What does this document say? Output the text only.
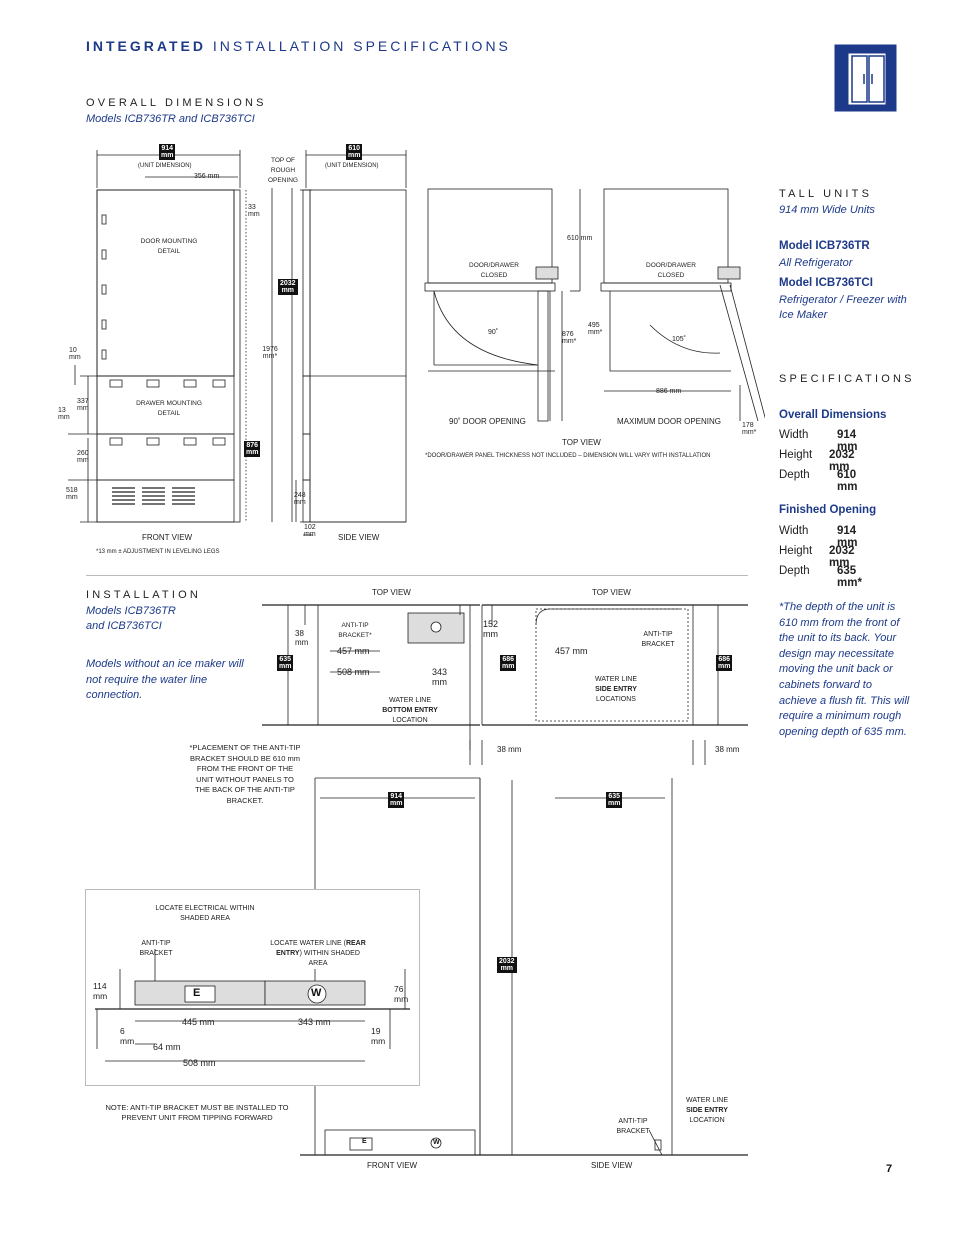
INTEGRATED INSTALLATION SPECIFICATIONS
OVERALL DIMENSIONS
Models ICB736TR and ICB736TCI
914
mm
610
mm
(UNIT DIMENSION)	(UNIT DIMENSION)
356 mm
TOP OF ROUGH OPENING
33 mm
DOOR MOUNTING DETAIL
2032
mm
10 mm
1976 mm*
337 mm
13 mm
DRAWER MOUNTING DETAIL
876
mm
260 mm
518 mm	248 mm
102 mm
FRONT VIEW	SIDE VIEW
*13 mm ± ADJUSTMENT IN LEVELING LEGS
DOOR/DRAWER CLOSED
DOOR/DRAWER CLOSED
610 mm
90˚	876 mm*
495 mm*
105˚
886 mm
178 mm*
90˚ DOOR OPENING	MAXIMUM DOOR OPENING
TOP VIEW
*DOOR/DRAWER PANEL THICKNESS NOT INCLUDED – DIMENSION WILL VARY WITH INSTALLATION
TALL UNITS
914 mm Wide Units
Model ICB736TR
All Refrigerator
Model ICB736TCI
Refrigerator / Freezer with Ice Maker
SPECIFICATIONS
Overall Dimensions
Width 914 mm
Height 2032 mm
Depth 610 mm
Finished Opening
Width 914 mm
Height 2032 mm
Depth 635 mm*
*The depth of the unit is 610 mm from the front of the unit to its back. Your design may necessitate moving the unit back or cabinets forward to achieve a flush fit. This will require a minimum rough opening depth of 635 mm.
INSTALLATION
Models ICB736TR and ICB736TCI
Models without an ice maker will not require the water line connection.
TOP VIEW	TOP VIEW
38 mm
ANTI-TIP BRACKET*
457 mm
508 mm	343 mm
152 mm
635
mm
686
mm
686
mm
457 mm
ANTI-TIP BRACKET
WATER LINE
BOTTOM ENTRY
LOCATION
WATER LINE
SIDE ENTRY
LOCATIONS
38 mm	38 mm
*PLACEMENT OF THE ANTI-TIP BRACKET SHOULD BE 610 mm FROM THE FRONT OF THE UNIT WITHOUT PANELS TO THE BACK OF THE ANTI-TIP BRACKET.	914
mm
635
mm
2032
mm
LOCATE ELECTRICAL WITHIN SHADED AREA
ANTI-TIP BRACKET
LOCATE WATER LINE (REAR ENTRY) WITHIN SHADED AREA
114 mm
76 mm
E	W
445 mm	343 mm
6 mm
19 mm
64 mm
508 mm
NOTE: ANTI-TIP BRACKET MUST BE INSTALLED TO PREVENT UNIT FROM TIPPING FORWARD	ANTI-TIP BRACKET
WATER LINE
SIDE ENTRY
LOCATION
E	W
FRONT VIEW	SIDE VIEW	7
